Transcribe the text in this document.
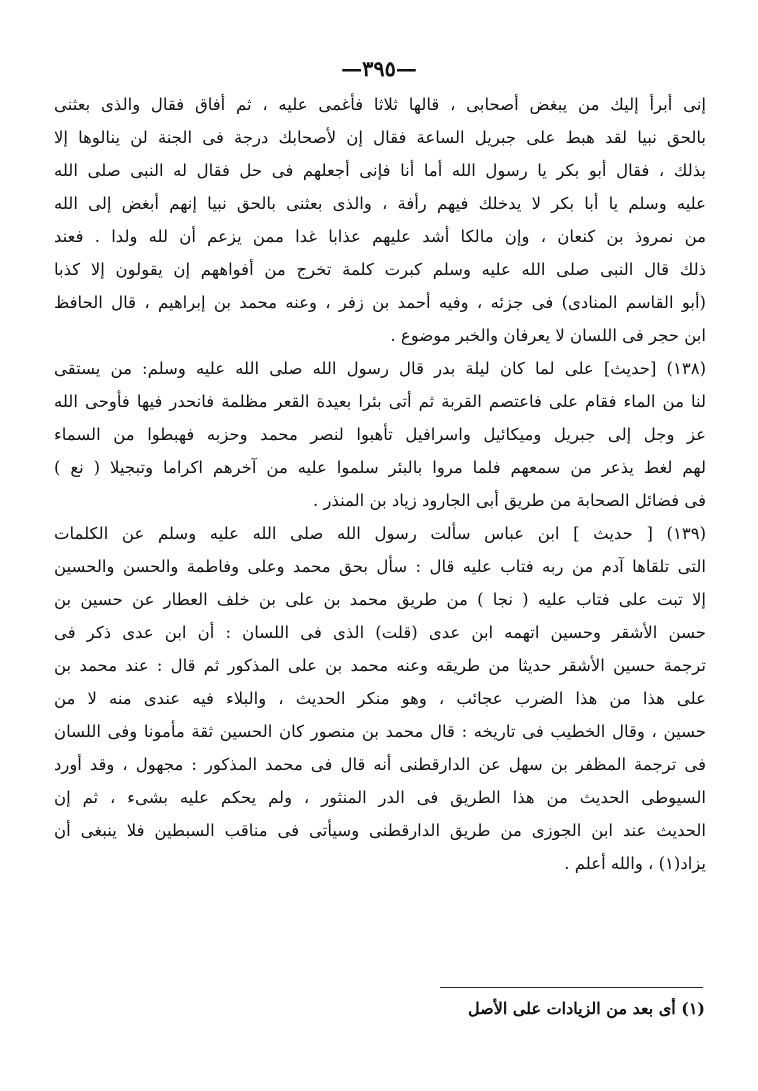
—٣٩٥—
إنى أبرأ إليك من يبغض أصحابى ، قالها ثلاثا فأغمى عليه ، ثم أفاق فقال والذى بعثنى
بالحق نبيا لقد هبط على جبريل الساعة فقال إن لأصحابك درجة فى الجنة لن ينالوها إلا
بذلك ، فقال أبو بكر يا رسول الله أما أنا فإنى أجعلهم فى حل فقال له النبى صلى الله
عليه وسلم يا أبا بكر لا يدخلك فيهم رأفة ، والذى بعثنى بالحق نبيا إنهم أبغض إلى الله
من نمروذ بن كنعان ، وإن مالكا أشد عليهم عذابا غدا ممن يزعم أن لله ولدا . فعند
ذلك قال النبى صلى الله عليه وسلم كبرت كلمة تخرج من أفواههم إن يقولون إلا كذبا
(أبو القاسم المنادى) فى جزئه ، وفيه أحمد بن زفر ، وعنه محمد بن إبراهيم ، قال الحافظ
ابن حجر فى اللسان لا يعرفان والخبر موضوع .
(١٣٨) [حديث] على لما كان ليلة بدر قال رسول الله صلى الله عليه وسلم: من يستقى
لنا من الماء فقام على فاعتصم القربة ثم أتى بئرا بعيدة القعر مظلمة فانحدر فيها فأوحى الله
عز وجل إلى جبريل وميكائيل واسرافيل تأهبوا لنصر محمد وحزبه فهبطوا من السماء
لهم لغط يذعر من سمعهم فلما مروا بالبئر سلموا عليه من آخرهم اكراما وتبجيلا ( نع )
فى فضائل الصحابة من طريق أبى الجارود زياد بن المنذر .
(١٣٩) [ حديث ] ابن عباس سألت رسول الله صلى الله عليه وسلم عن الكلمات
التى تلقاها آدم من ربه فتاب عليه قال : سأل بحق محمد وعلى وفاطمة والحسن والحسين
إلا تبت على فتاب عليه ( نجا ) من طريق محمد بن على بن خلف العطار عن حسين بن
حسن الأشقر وحسين اتهمه ابن عدى (قلت) الذى فى اللسان : أن ابن عدى ذكر فى
ترجمة حسين الأشقر حديثا من طريقه وعنه محمد بن على المذكور ثم قال : عند محمد بن
على هذا من هذا الضرب عجائب ، وهو منكر الحديث ، والبلاء فيه عندى منه لا من
حسين ، وقال الخطيب فى تاريخه : قال محمد بن منصور كان الحسين ثقة مأمونا وفى اللسان
فى ترجمة المظفر بن سهل عن الدارقطنى أنه قال فى محمد المذكور : مجهول ، وقد أورد
السيوطى الحديث من هذا الطريق فى الدر المنثور ، ولم يحكم عليه بشىء ، ثم إن
الحديث عند ابن الجوزى من طريق الدارقطنى وسيأتى فى مناقب السبطين فلا ينبغى أن
يزاد(١) ، والله أعلم .
(١) أى بعد من الزيادات على الأصل
